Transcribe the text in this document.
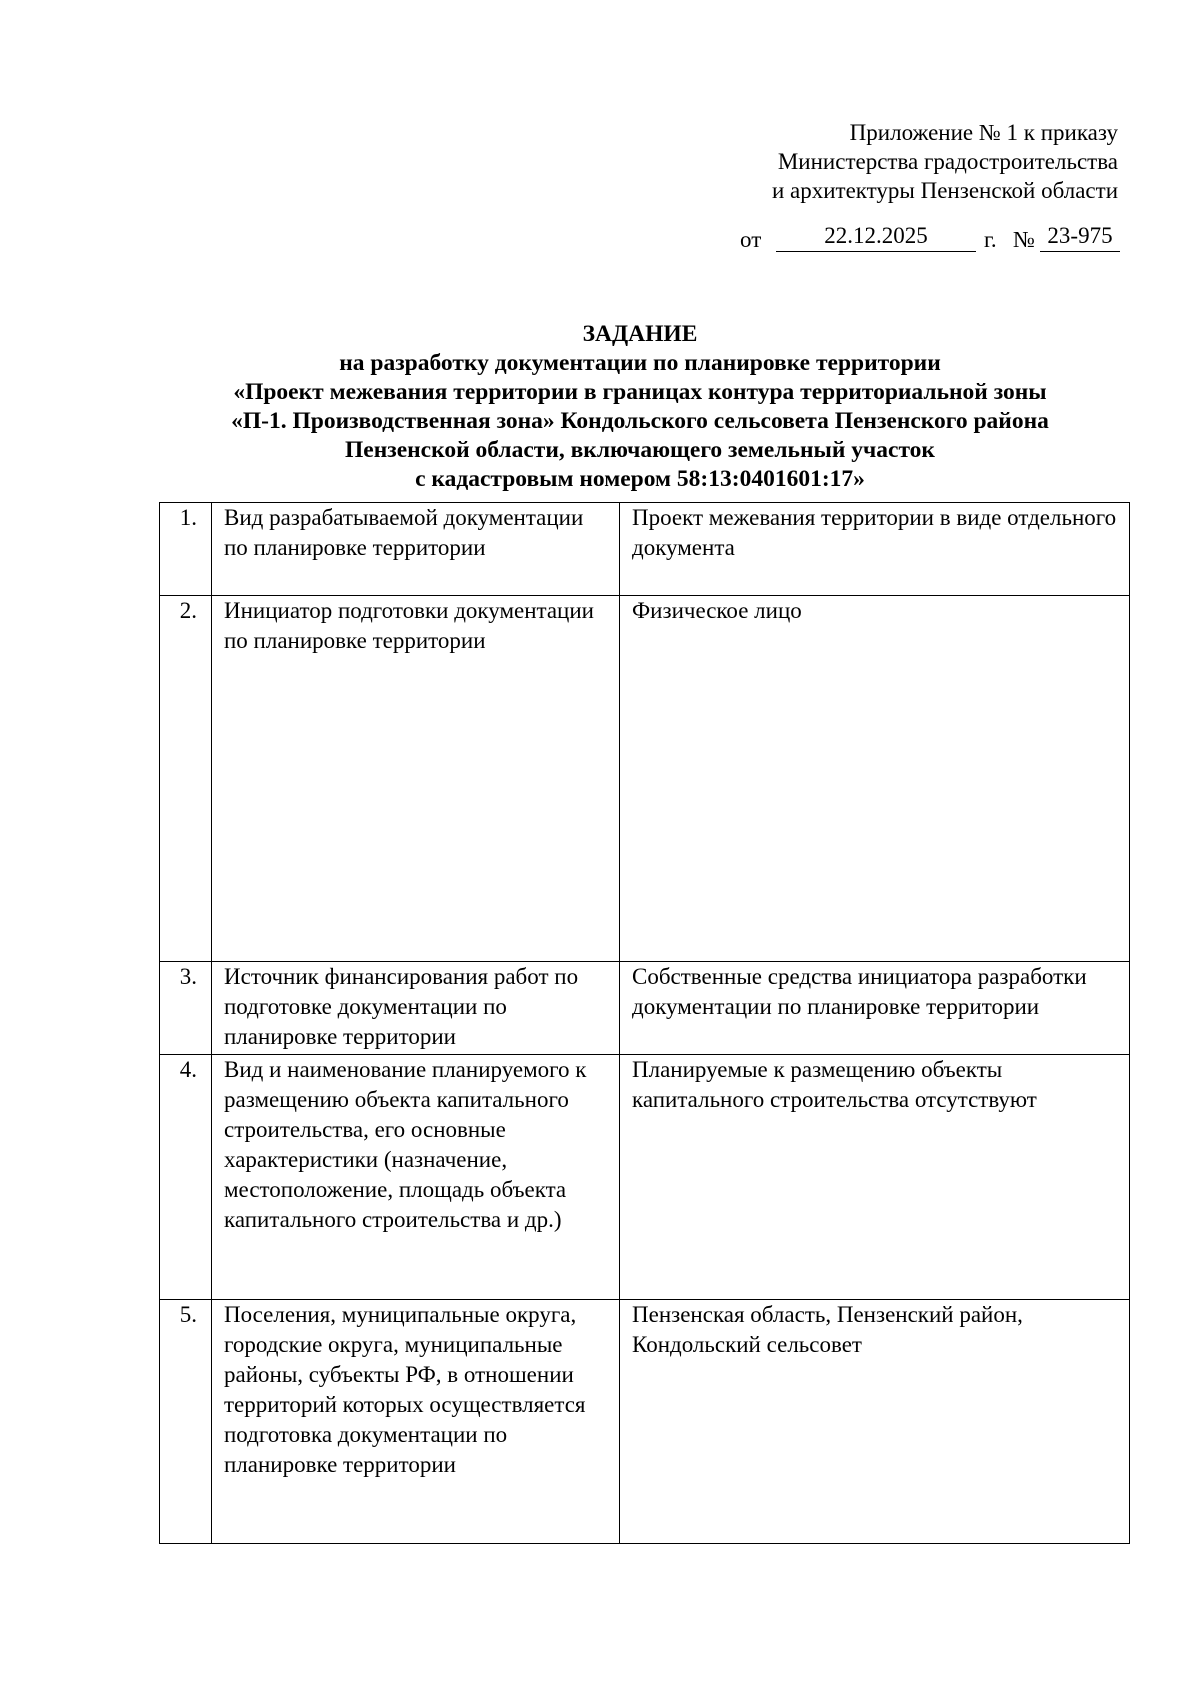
Приложение № 1 к приказу
Министерства градостроительства
и архитектуры Пензенской области
от	22.12.2025	г. № 23-975
ЗАДАНИЕ
на разработку документации по планировке территории
«Проект межевания территории в границах контура территориальной зоны
«П-1. Производственная зона» Кондольского сельсовета Пензенского района
Пензенской области, включающего земельный участок
с кадастровым номером 58:13:0401601:17»
1.	Вид разрабатываемой документации по планировке территории	Проект межевания территории в виде отдельного документа
2.	Инициатор подготовки документации по планировке территории	Физическое лицо
3.	Источник финансирования работ по подготовке документации по планировке территории	Собственные средства инициатора разработки документации по планировке территории
4.	Вид и наименование планируемого к размещению объекта капитального строительства, его основные характеристики (назначение, местоположение, площадь объекта капитального строительства и др.)	Планируемые к размещению объекты капитального строительства отсутствуют
5.	Поселения, муниципальные округа, городские округа, муниципальные районы, субъекты РФ, в отношении территорий которых осуществляется подготовка документации по планировке территории	Пензенская область, Пензенский район, Кондольский сельсовет
